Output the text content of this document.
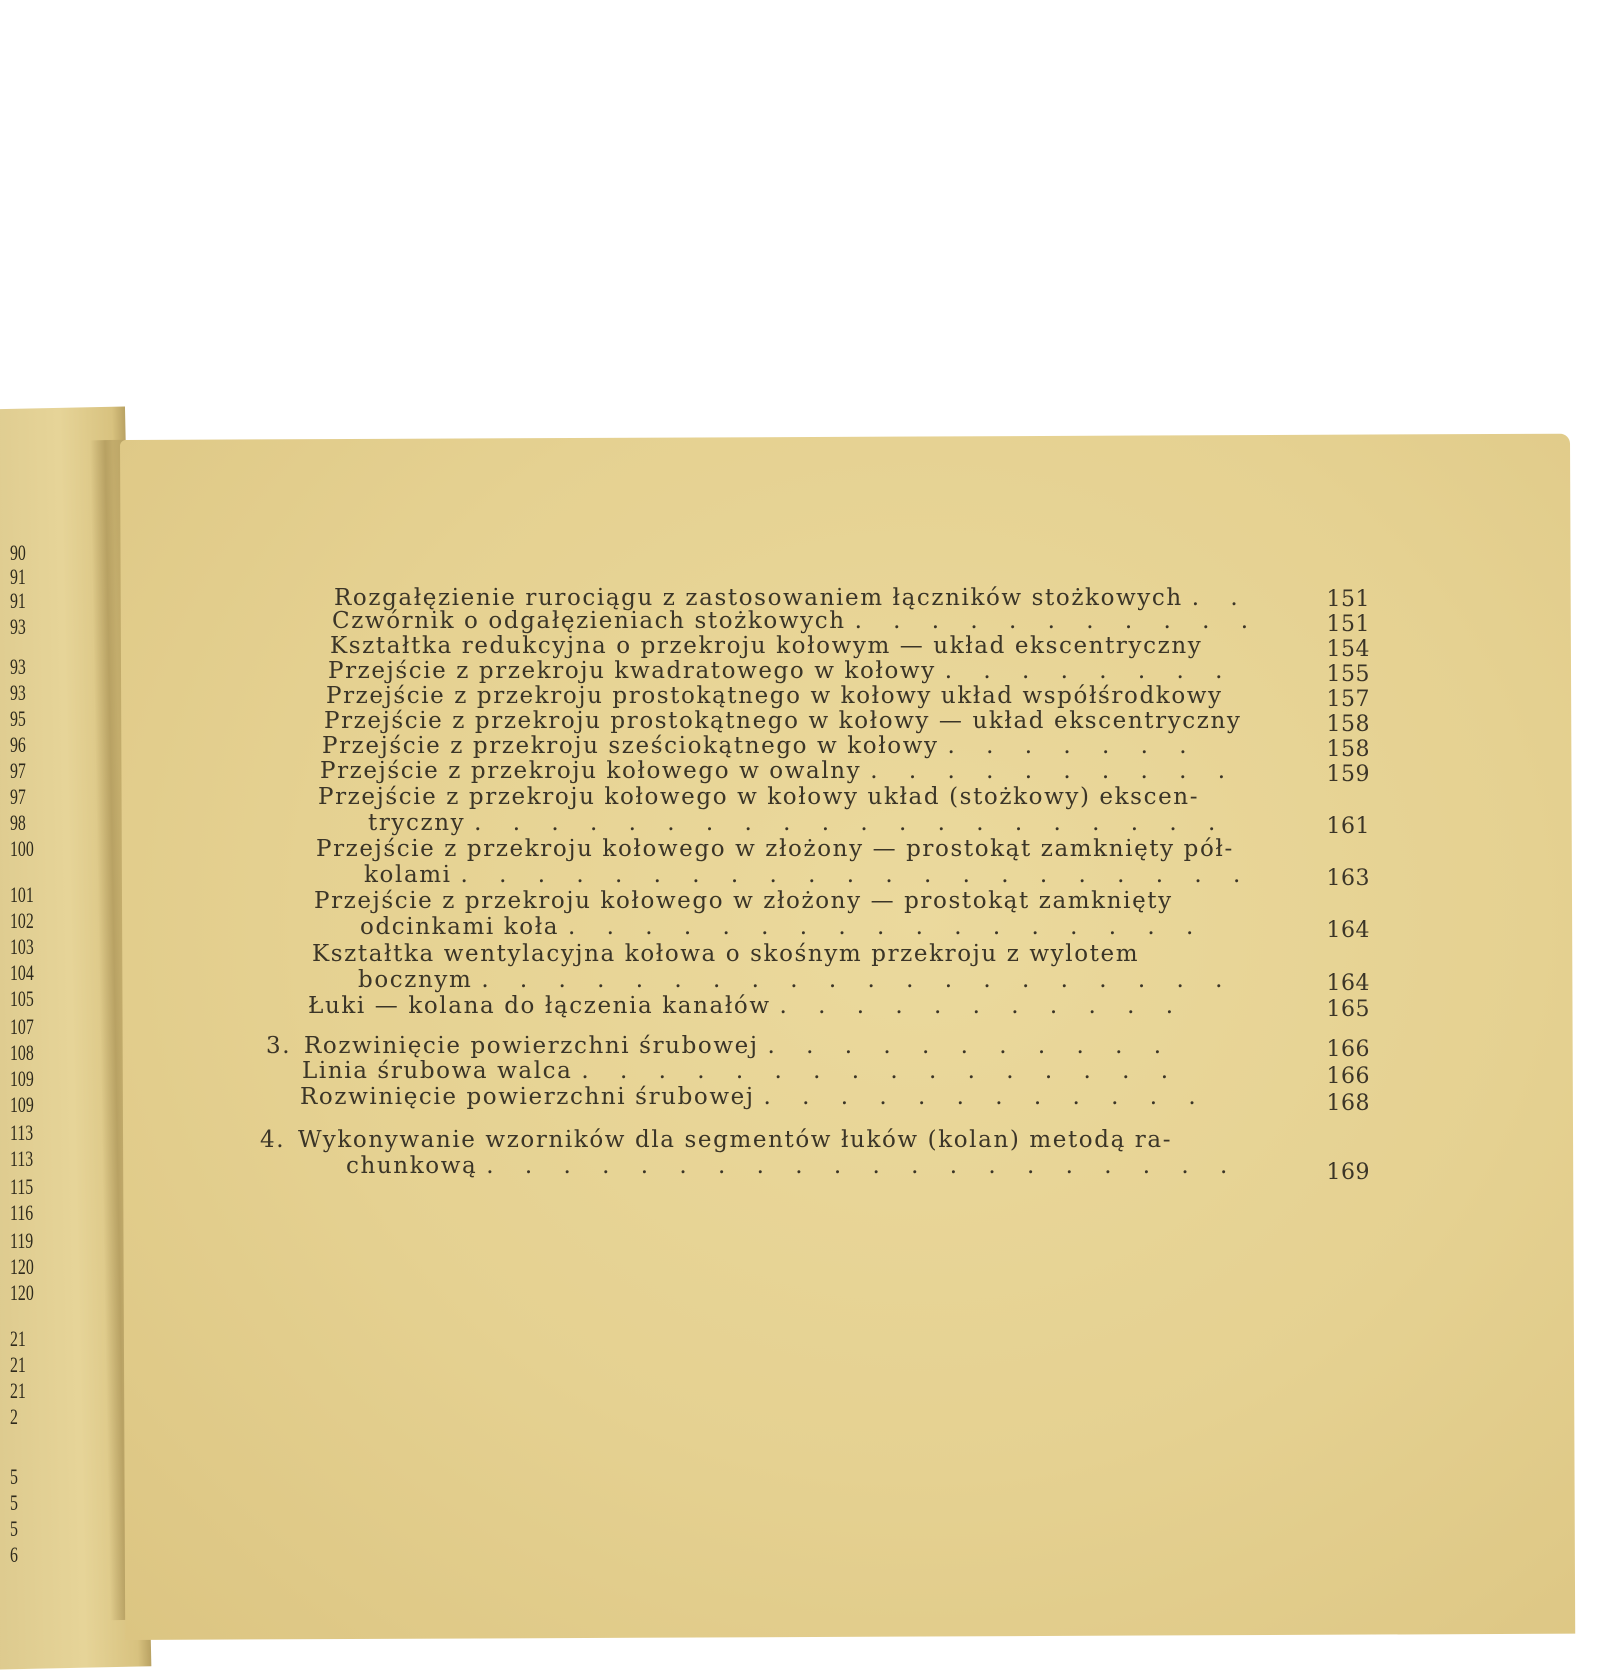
90
91
91
93
93
93
95
96
97
97
98
100
101
102
103
104
105
107
108
109
109
113
113
115
116
119
120
120
21
21
21
2
5
5
5
6
Rozgałęzienie rurociągu z zastosowaniem łączników stożkowych . .	151
Czwórnik o odgałęzieniach stożkowych . . . . . . . . . . .	151
Kształtka redukcyjna o przekroju kołowym — układ ekscentryczny	154
Przejście z przekroju kwadratowego w kołowy . . . . . . . .	155
Przejście z przekroju prostokątnego w kołowy układ współśrodkowy	157
Przejście z przekroju prostokątnego w kołowy — układ ekscentryczny	158
Przejście z przekroju sześciokątnego w kołowy . . . . . . .	158
Przejście z przekroju kołowego w owalny . . . . . . . . . .	159
Przejście z przekroju kołowego w kołowy układ (stożkowy) ekscen-
tryczny . . . . . . . . . . . . . . . . . . . .	161
Przejście z przekroju kołowego w złożony — prostokąt zamknięty pół-
kolami . . . . . . . . . . . . . . . . . . . . .	163
Przejście z przekroju kołowego w złożony — prostokąt zamknięty
odcinkami koła . . . . . . . . . . . . . . . . .	164
Kształtka wentylacyjna kołowa o skośnym przekroju z wylotem
bocznym . . . . . . . . . . . . . . . . . . . .	164
Łuki — kolana do łączenia kanałów . . . . . . . . . . .	165
3. Rozwinięcie powierzchni śrubowej . . . . . . . . . . .	166
Linia śrubowa walca . . . . . . . . . . . . . . . .	166
Rozwinięcie powierzchni śrubowej . . . . . . . . . . . .	168
4. Wykonywanie wzorników dla segmentów łuków (kolan) metodą ra-
chunkową . . . . . . . . . . . . . . . . . . . .	169
